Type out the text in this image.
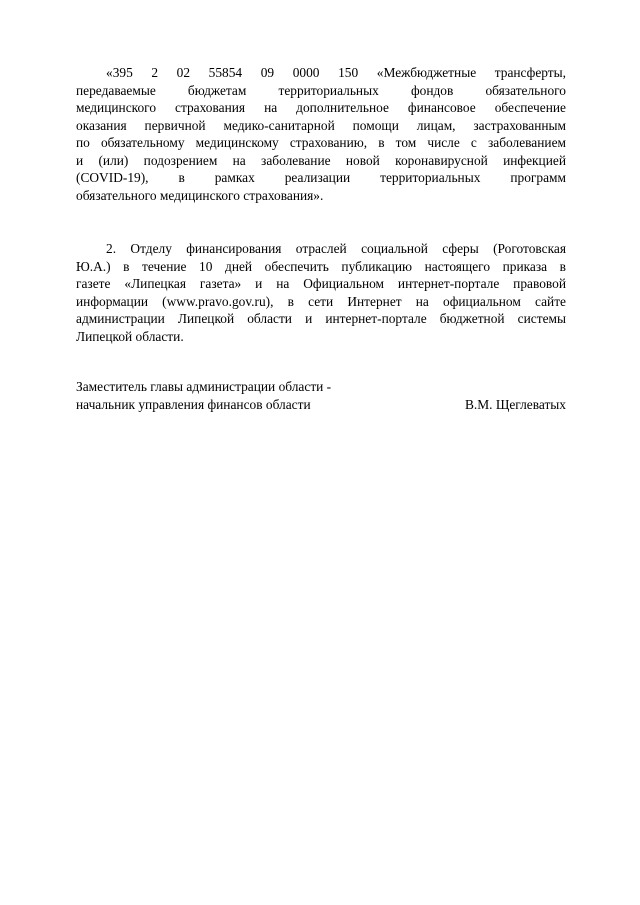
«395 2 02 55854 09 0000 150 «Межбюджетные трансферты,
передаваемые бюджетам территориальных фондов обязательного
медицинского страхования на дополнительное финансовое обеспечение
оказания первичной медико-санитарной помощи лицам, застрахованным
по обязательному медицинскому страхованию, в том числе с заболеванием
и (или) подозрением на заболевание новой коронавирусной инфекцией
(COVID-19), в рамках реализации территориальных программ
обязательного медицинского страхования».

2. Отделу финансирования отраслей социальной сферы (Роготовская
Ю.А.) в течение 10 дней обеспечить публикацию настоящего приказа в
газете «Липецкая газета» и на Официальном интернет-портале правовой
информации (www.pravo.gov.ru), в сети Интернет на официальном сайте
администрации Липецкой области и интернет-портале бюджетной системы
Липецкой области.

Заместитель главы администрации области -
начальник управления финансов области	В.М. Щеглеватых
